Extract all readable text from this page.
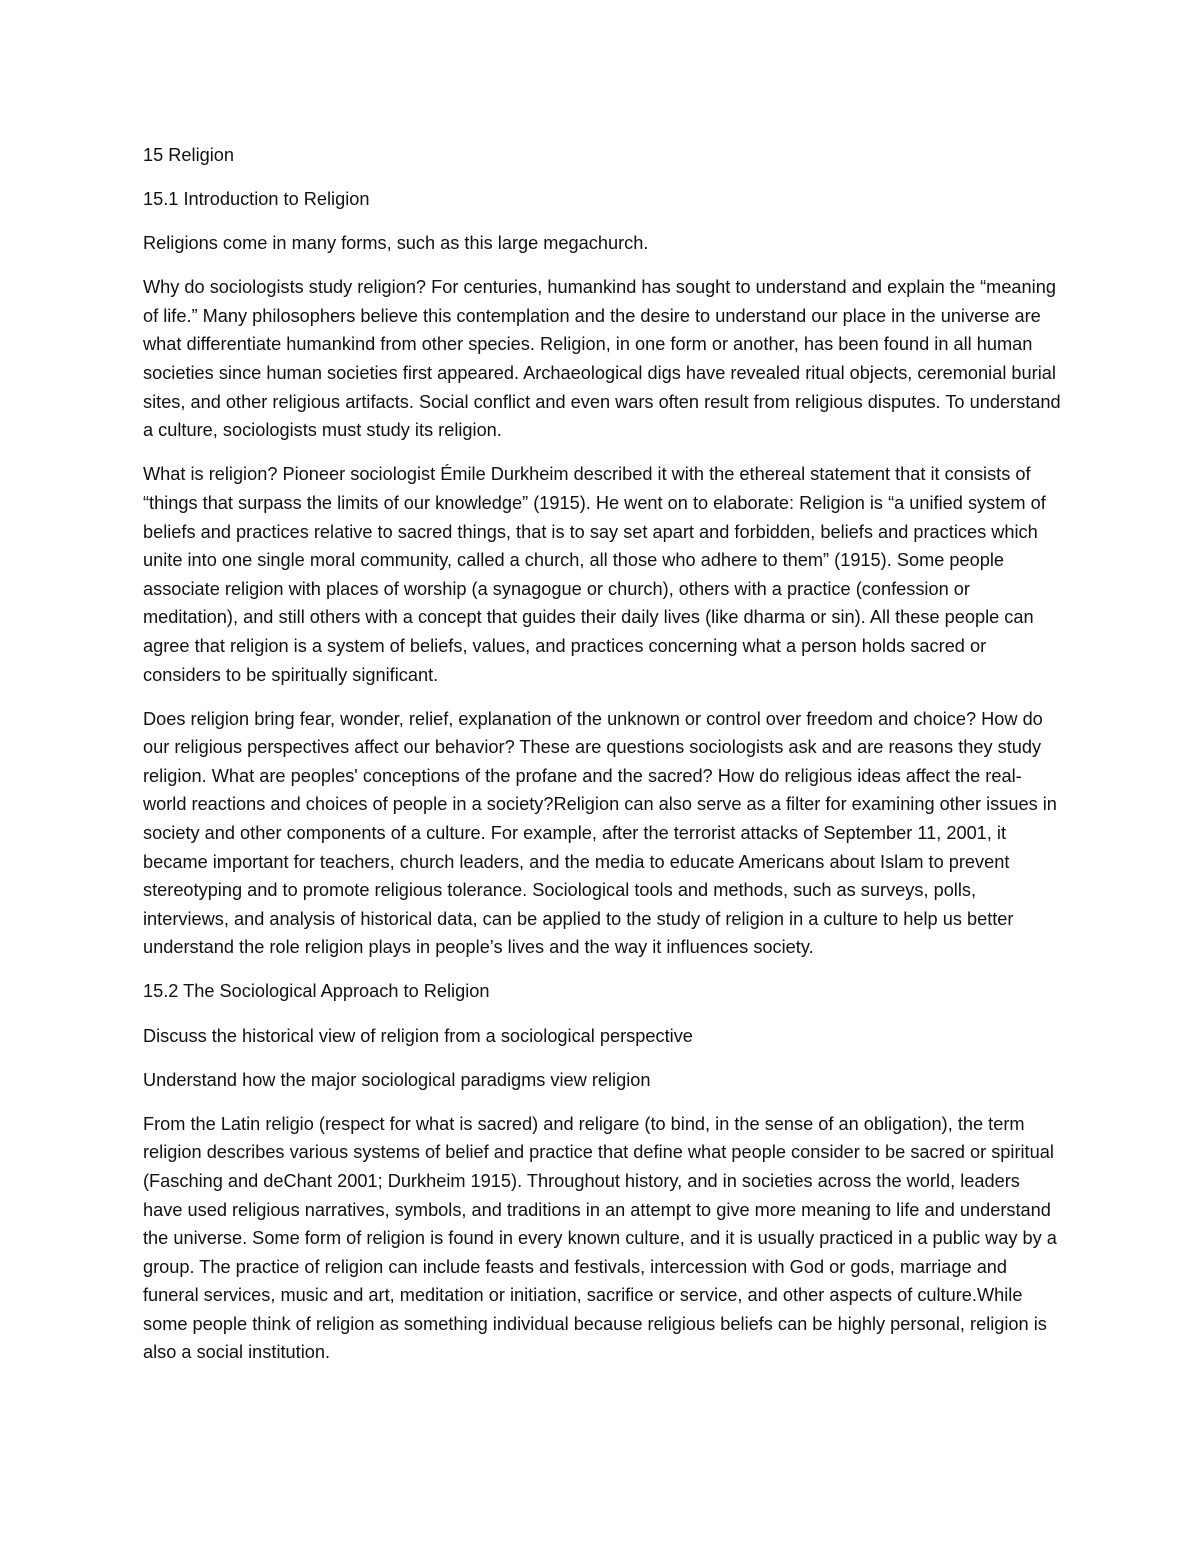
15 Religion

15.1 Introduction to Religion

Religions come in many forms, such as this large megachurch.

Why do sociologists study religion? For centuries, humankind has sought to understand and explain the “meaning of life.” Many philosophers believe this contemplation and the desire to understand our place in the universe are what differentiate humankind from other species. Religion, in one form or another, has been found in all human societies since human societies first appeared. Archaeological digs have revealed ritual objects, ceremonial burial sites, and other religious artifacts. Social conflict and even wars often result from religious disputes. To understand a culture, sociologists must study its religion.

What is religion? Pioneer sociologist Émile Durkheim described it with the ethereal statement that it consists of “things that surpass the limits of our knowledge” (1915). He went on to elaborate: Religion is “a unified system of beliefs and practices relative to sacred things, that is to say set apart and forbidden, beliefs and practices which unite into one single moral community, called a church, all those who adhere to them” (1915). Some people associate religion with places of worship (a synagogue or church), others with a practice (confession or meditation), and still others with a concept that guides their daily lives (like dharma or sin). All these people can agree that religion is a system of beliefs, values, and practices concerning what a person holds sacred or considers to be spiritually significant.

Does religion bring fear, wonder, relief, explanation of the unknown or control over freedom and choice? How do our religious perspectives affect our behavior? These are questions sociologists ask and are reasons they study religion. What are peoples' conceptions of the profane and the sacred? How do religious ideas affect the real-world reactions and choices of people in a society?Religion can also serve as a filter for examining other issues in society and other components of a culture. For example, after the terrorist attacks of September 11, 2001, it became important for teachers, church leaders, and the media to educate Americans about Islam to prevent stereotyping and to promote religious tolerance. Sociological tools and methods, such as surveys, polls, interviews, and analysis of historical data, can be applied to the study of religion in a culture to help us better understand the role religion plays in people’s lives and the way it influences society.

15.2 The Sociological Approach to Religion

Discuss the historical view of religion from a sociological perspective

Understand how the major sociological paradigms view religion

From the Latin religio (respect for what is sacred) and religare (to bind, in the sense of an obligation), the term religion describes various systems of belief and practice that define what people consider to be sacred or spiritual (Fasching and deChant 2001; Durkheim 1915). Throughout history, and in societies across the world, leaders have used religious narratives, symbols, and traditions in an attempt to give more meaning to life and understand the universe. Some form of religion is found in every known culture, and it is usually practiced in a public way by a group. The practice of religion can include feasts and festivals, intercession with God or gods, marriage and funeral services, music and art, meditation or initiation, sacrifice or service, and other aspects of culture.While some people think of religion as something individual because religious beliefs can be highly personal, religion is also a social institution.
